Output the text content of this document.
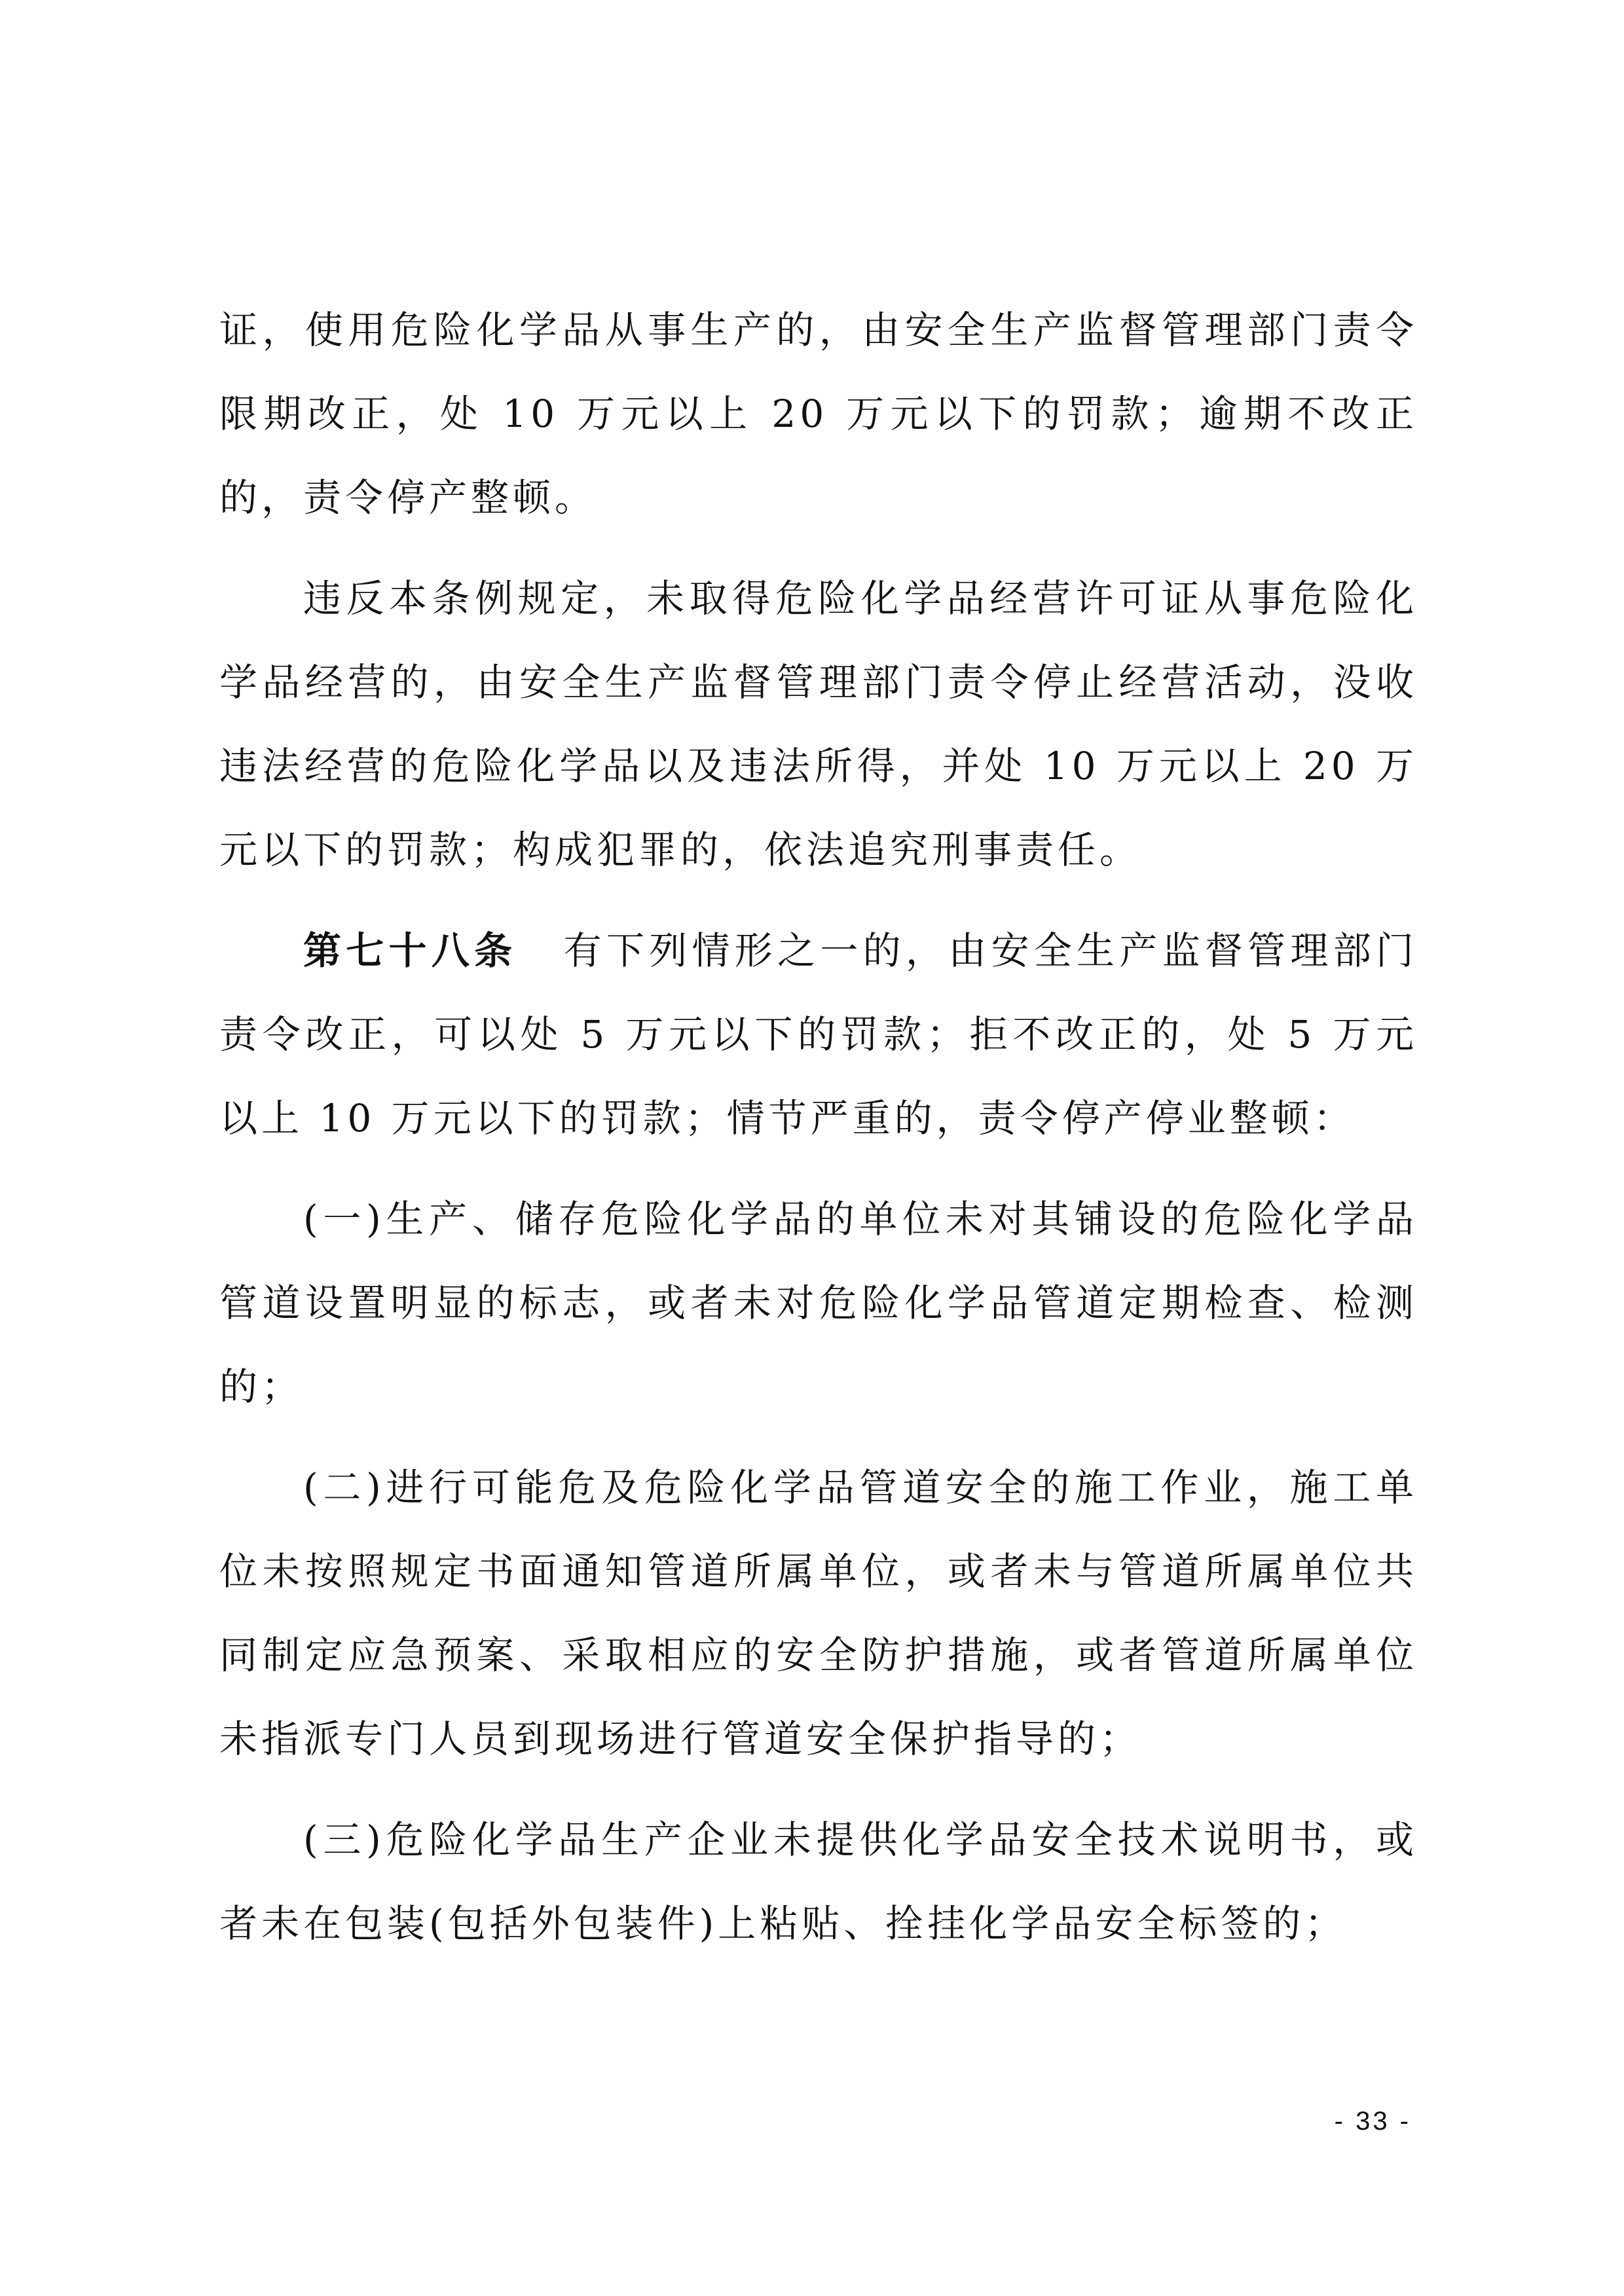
证，使用危险化学品从事生产的，由安全生产监督管理部门责令限期改正，处 10 万元以上 20 万元以下的罚款；逾期不改正的，责令停产整顿。

违反本条例规定，未取得危险化学品经营许可证从事危险化学品经营的，由安全生产监督管理部门责令停止经营活动，没收违法经营的危险化学品以及违法所得，并处 10 万元以上 20 万元以下的罚款；构成犯罪的，依法追究刑事责任。

第七十八条 有下列情形之一的，由安全生产监督管理部门责令改正，可以处 5 万元以下的罚款；拒不改正的，处 5 万元以上 10 万元以下的罚款；情节严重的，责令停产停业整顿：

(一)生产、储存危险化学品的单位未对其铺设的危险化学品管道设置明显的标志，或者未对危险化学品管道定期检查、检测的；

(二)进行可能危及危险化学品管道安全的施工作业，施工单位未按照规定书面通知管道所属单位，或者未与管道所属单位共同制定应急预案、采取相应的安全防护措施，或者管道所属单位未指派专门人员到现场进行管道安全保护指导的；

(三)危险化学品生产企业未提供化学品安全技术说明书，或者未在包装(包括外包装件)上粘贴、拴挂化学品安全标签的；

- 33 -
